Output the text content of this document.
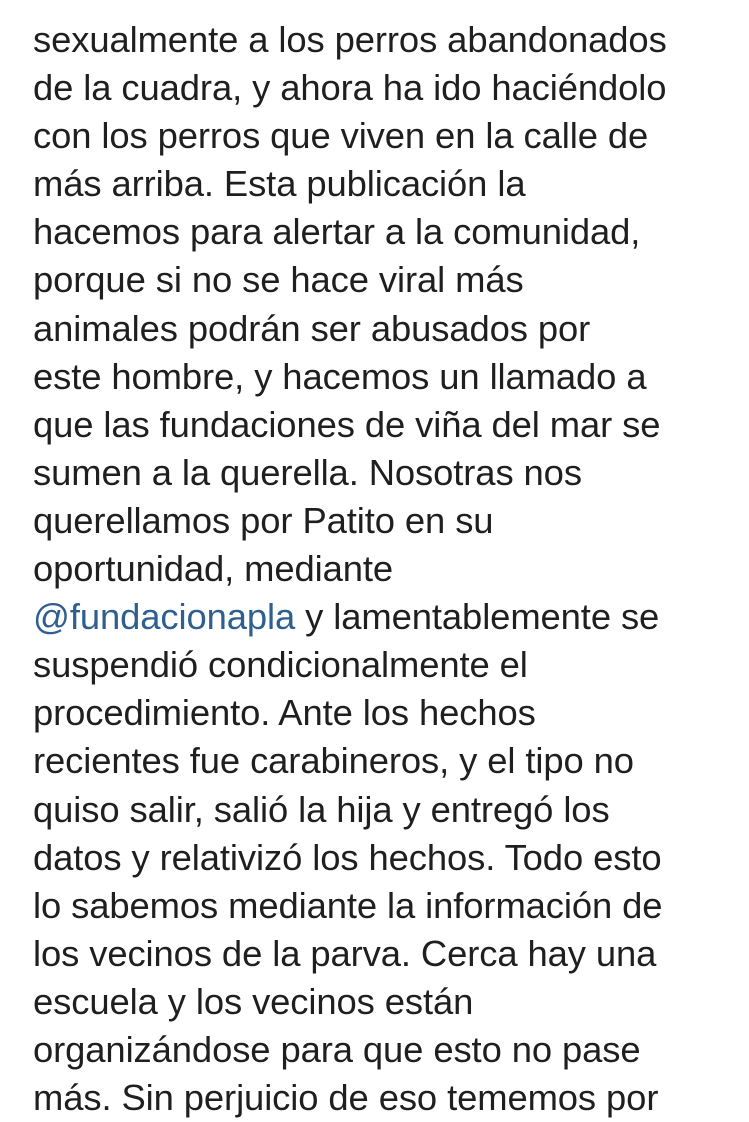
sexualmente a los perros abandonados
de la cuadra, y ahora ha ido haciéndolo
con los perros que viven en la calle de
más arriba. Esta publicación la
hacemos para alertar a la comunidad,
porque si no se hace viral más
animales podrán ser abusados por
este hombre, y hacemos un llamado a
que las fundaciones de viña del mar se
sumen a la querella. Nosotras nos
querellamos por Patito en su
oportunidad, mediante
@fundacionapla y lamentablemente se
suspendió condicionalmente el
procedimiento. Ante los hechos
recientes fue carabineros, y el tipo no
quiso salir, salió la hija y entregó los
datos y relativizó los hechos. Todo esto
lo sabemos mediante la información de
los vecinos de la parva. Cerca hay una
escuela y los vecinos están
organizándose para que esto no pase
más. Sin perjuicio de eso tememos por
